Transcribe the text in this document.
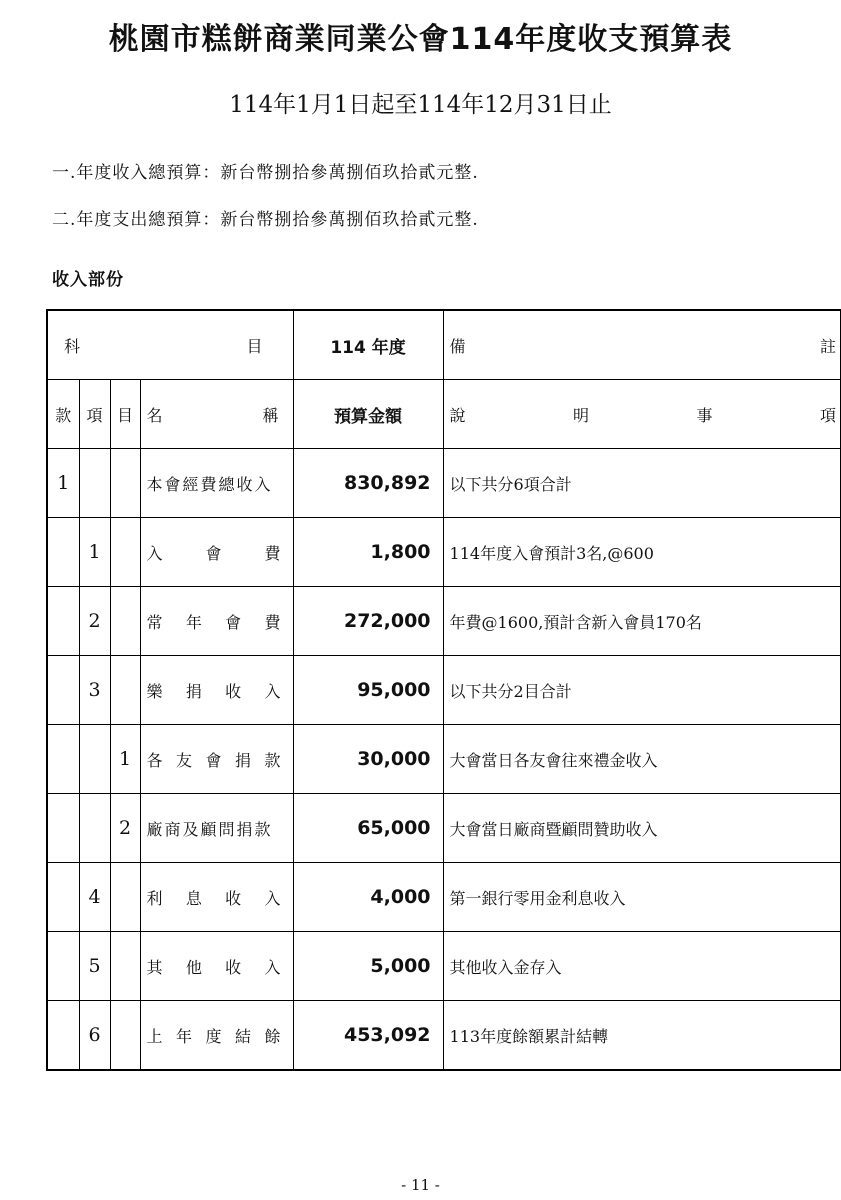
桃園市糕餅商業同業公會114年度收支預算表
114年1月1日起至114年12月31日止
一.年度收入總預算：新台幣捌拾參萬捌佰玖拾貳元整.
二.年度支出總預算：新台幣捌拾參萬捌佰玖拾貳元整.
收入部份
科 目				114 年度	備 註

款	項	目	名 稱	預算金額	說 明 事 項

1			本會經費總收入	830,892	以下共分6項合計
	1		入 會 費	1,800	114年度入會預計3名,@600
	2		常 年 會 費	272,000	年費@1600,預計含新入會員170名
	3		樂 捐 收 入	95,000	以下共分2目合計
		1	各 友 會 捐 款	30,000	大會當日各友會往來禮金收入
		2	廠商及顧問捐款	65,000	大會當日廠商暨顧問贊助收入
	4		利 息 收 入	4,000	第一銀行零用金利息收入
	5		其 他 收 入	5,000	其他收入金存入
	6		上 年 度 結 餘	453,092	113年度餘額累計結轉
- 11 -
